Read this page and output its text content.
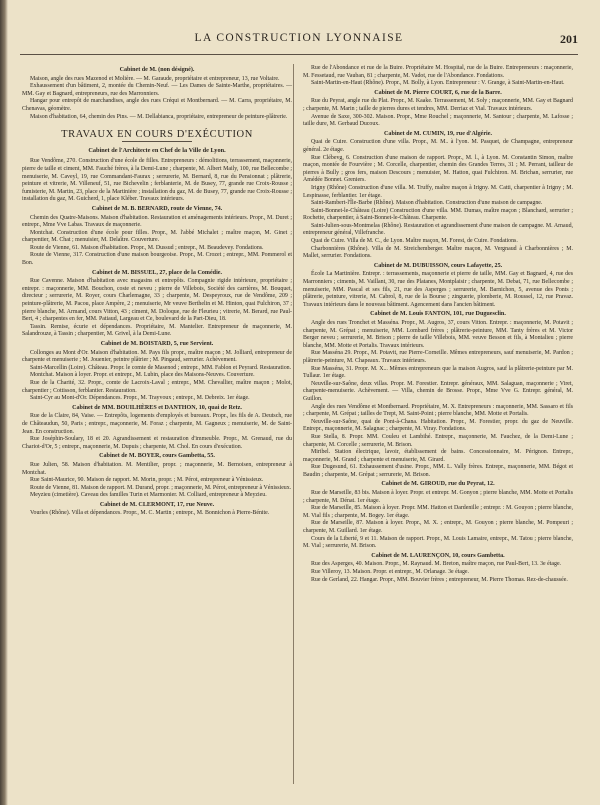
LA CONSTRUCTION LYONNAISE	201
Cabinet de M. (non désigné).

Maison, angle des rues Mazenod et Molière. — M. Garaude, propriétaire et entrepreneur, 13, rue Voltaire.

Exhaussement d'un bâtiment, 2, montée du Chemin-Neuf. — Les Dames de Sainte-Marthe, propriétaires. — MM. Gay et Bagnard, entrepreneurs, rue des Marronniers.

Hangar pour entrepôt de marchandises, angle des rues Créqui et Montbernard. — M. Carra, propriétaire, M. Chenavas, géomètre.

Maison d'habitation, 64, chemin des Pins. — M. Dellabianca, propriétaire, entrepreneur de peinture-plâtrerie.

TRAVAUX EN COURS D'EXÉCUTION
Cabinet de l'Architecte en Chef de la Ville de Lyon.

Rue Vendôme, 270. Construction d'une école de filles. Entrepreneurs : démolitions, terrassement, maçonnerie, pierre de taille et ciment, MM. Fauché frères, à la Demi-Lune ; charpente, M. Albert Maily, 100, rue Bellecombe ; menuiserie, M. Caveyl, 19, rue Commandant-Faurax ; serrurerie, M. Bernard, 8, rue du Pensionnat ; plâtrerie, peinture et vitrerie, M. Villeneuf, 51, rue Bichevelin ; ferblanterie, M. de Busey, 77, grande rue Croix-Rousse ; fumisterie, M. Martin, 23, place de la Martinière ; installation du gaz, M. de Busey, 77, grande rue Croix-Rousse ; installation du gaz, M. Guicherd, 1, place Kléber. Travaux intérieurs.

Cabinet de M. B. BERNARD, route de Vienne, 74.

Chemin des Quatre-Maisons. Maison d'habitation. Restauration et aménagements intérieurs. Propr., M. Duret ; entrepr., Mme Vve Labas. Travaux de maçonnerie.

Montchat. Construction d'une école pour filles. Propr., M. l'abbé Michalet ; maître maçon, M. Ginet ; charpentier, M. Chat ; menuisier, M. Delaître. Couverture.

Route de Vienne, 61. Maison d'habitation. Propr., M. Dussud ; entrepr., M. Beaudevey. Fondations.

Route de Vienne, 317. Construction d'une maison bourgeoise. Propr., M. Crozet ; entrepr., MM. Pommerol et Bon.

Cabinet de M. BISSUEL, 27, place de la Comédie.

Rue Cavenne. Maison d'habitation avec magasins et entrepôts. Compagnie rigide intérieure, propriétaire ; entrepr. : maçonnerie, MM. Bouchon, coste et neveu ; pierre de Villebois, Société des carrières, M. Bouquet, directeur ; serrurerie, M. Royer, cours Charlemagne, 33 ; charpente, M. Despeyroux, rue de Vendôme, 209 ; peinture-plâtrerie, M. Pacou, place Ampère, 2 ; menuiserie, Mr veuve Berthelin et M. Hinton, quai Fulchiron, 37 ; pierre blanche, M. Armand, cours Vitton, 43 ; ciment, M. Doloque, rue de Fleurieu ; vitrerie, M. Berard, rue Paul-Bert, 4 ; charpentes en fer, MM. Patiaud, Largeau et Ce, boulevard de la Part-Dieu, 18.

Tassin. Remise, écurie et dépendances. Propriétaire, M. Mantelier. Entrepreneur de maçonnerie, M. Salandrouze, à Tassin ; charpentier, M. Grivel, à la Demi-Lune.

Cabinet de M. BOISTARD, 5, rue Servient.

Collonges au Mont d'Or. Maison d'habitation. M. Pays fils propr., maître maçon ; M. Jolliard, entrepreneur de charpente et menuiserie ; M. Jouenier, peintre plâtrier ; M. Pingaud, serrurier. Achèvement.

Saint-Marcellin (Loire). Château. Propr. le comte de Masenod ; entrepr., MM. Fablon et Peyrard. Restauration.

Montchat. Maison à loyer. Propr. et entrepr., M. Lubin, place des Maisons-Neuves. Couverture.

Rue de la Charité, 32. Propr., comte de Lacroix-Laval ; entrepr., MM. Chevallier, maître maçon ; Molot, charpentier ; Cottisson, ferblantier. Restauration.

Saint-Cyr au Mont-d'Or. Dépendances. Propr., M. Trayvoux ; entrepr., M. Debreix. 1er étage.

Cabinet de MM. BOUILHÈRES et DANTHON, 10, quai de Retz.

Rue de la Claire, 84, Vaise. — Entrepôts, logements d'employés et bureaux. Propr., les fils de A. Deutsch, rue de Châteaudun, 50, Paris ; entrepr., maçonnerie, M. Foraz ; charpente, M. Gagneux ; menuiserie, M. de Saint-Jean. En construction.

Rue Joséphin-Soulary, 18 et 20. Agrandissement et restauration d'immeuble. Propr., M. Grenaud, rue du Chariot-d'Or, 5 ; entrepr., maçonnerie, M. Dupuis ; charpente, M. Chol. En cours d'exécution.

Cabinet de M. BOYER, cours Gambetta, 55.

Rue Julien, 58. Maison d'habitation. M. Mentilier, propr. ; maçonnerie, M. Bernoisen, entrepreneur à Montchat.

Rue Saint-Maurice, 90. Maison de rapport. M. Morin, propr. ; M. Pérot, entrepreneur à Vénissieux.

Route de Vienne, 81. Maison de rapport. M. Durand, propr. ; maçonnerie, M. Pérot, entrepreneur à Vénissieux.

Meyzieu (cimetière). Caveau des familles Turin et Marmonier. M. Colliard, entrepreneur à Meyzieu.

Cabinet de M. CLERMONT, 17, rue Neuve.

Vourles (Rhône). Villa et dépendances. Propr., M. C. Martin ; entrepr., M. Bonnichon à Pierre-Bénite.

Rue de l'Abondance et rue de la Buire. Propriétaire M. Hospital, rue de la Buire. Entrepreneurs : maçonnerie, M. Fessetaud, rue Vauban, 81 ; charpente, M. Vadot, rue de l'Abondance. Fondations.

Saint-Martin-en-Haut (Rhône). Propr., M. Bolly, à Lyon. Entrepreneur : V. Grange, à Saint-Martin-en-Haut.

Cabinet de M. Pierre COURT, 6, rue de la Barre.

Rue du Peyrat, angle rue du Plat. Propr., M. Kaake. Terrassement, M. Soly ; maçonnerie, MM. Gay et Bagnard ; charpente, M. Marin ; taille de pierres dures et tendres, MM. Derriaz et Vial. Travaux intérieurs.

Avenue de Saxe, 300-302. Maison. Propr., Mme Rouchel ; maçonnerie, M. Santour ; charpente, M. Lafosse ; taille dure, M. Gerbaud Ducoux.

Cabinet de M. CUMIN, 19, rue d'Algérie.

Quai de Cuire. Construction d'une villa. Propr., M. M.. à l'yon. M. Pasquet, de Champagne, entrepreneur général. 2e étage.

Rue Clébevg, 6. Construction d'une maison de rapport. Propr., M. l., à Lyon. M. Constantin Simon, maître maçon, montée de Fourvière ; M. Corcelle, charpentier, chemin des Grandes Terres, 31 ; M. Perrant, tailleur de pierres à Bully ; gros fers, maison Descours ; menuisier, M. Hatton, quai Fulchiron. M. Brichan, serrurier, rue Amédée Bonnet. Greniers.

Irigny (Rhône) Construction d'une villa. M. Truffy, maître maçon à Irigny. M. Catti, charpentier à Irigny ; M. Lespinasse, ferblantier. 1er étage.

Saint-Rambert-l'Île-Barbe (Rhône). Maison d'habitation. Construction d'une maison de campagne.

Saint-Bonnet-le-Château (Loire) Construction d'une villa. MM. Dumas, maître maçon ; Blanchard, serrurier ; Rochette, charpentier, à Saint-Bonnet-le-Château. Charpente.

Saint-Julien-sous-Montmelas (Rhône). Restauration et agrandissement d'une maison de campagne. M. Arnaud, entrepreneur général, Villefranche.

Quai de Cuire. Villa de M. C., de Lyon. Maître maçon, M. Forest, de Cuire. Fondations.

Charbonnières (Rhône). Villa de M. Streichemberger. Maître maçon, M. Vergnaud à Charbonnières ; M. Mallet, serrurier. Fondations.

Cabinet de M. DUBUISSON, cours Lafayette, 25.

École La Martinière. Entrepr. : terrassements, maçonnerie et pierre de taille, MM. Gay et Bagnard, 4, rue des Marronniers ; ciments, M. Vaillant, 30, rue des Platanes, Montplaisir ; charpente, M. Debat, 71, rue Bellecombe ; menuiserie, MM. Pascal et ses fils, 21, rue des Asperges ; serrurerie, M. Barnichon, 5, avenue des Ponts ; plâtrerie, peinture, vitrerie, M. Cabrol, 8, rue de la Bourse ; zinguerie, plomberie, M. Roussel, 12, rue Pravaz. Travaux intérieurs dans le nouveau bâtiment. Agencement dans l'ancien bâtiment.

Cabinet de M. Louis FANTON, 101, rue Duguesclin.

Angle des rues Tronchet et Masséna. Propr., M. Augros, 37, cours Vitton. Entrepr. : maçonnerie, M. Potavit ; charpente, M. Grépat ; menuiserie, MM. Lombard frères ; plâtrerie-peinture, MM. Tanty frères et M. Victor Berger neveu ; serrurerie, M. Brison ; pierre de taille Villebois, MM. veuve Besson et fils, à Montalieu ; pierre blanche, MM. Motte et Portalis. Travaux intérieurs.

Rue Masséna 29. Propr., M. Potavit, rue Pierre-Corneille. Mêmes entrepreneurs, sauf menuiserie, M. Pardon ; plâtrerie-peinture, M. Chapeaux. Travaux intérieurs.

Rue Masséna, 31. Propr. M. X... Mêmes entrepreneurs que la maison Augros, sauf la plâtrerie-peinture par M. Tullaur. 1er étage.

Neuville-sur-Saône, deux villas. Propr. M. Forestier. Entrepr. généraux, MM. Salaguan, maçonnerie ; Viret, charpente-menuiserie. Achèvement. — Villa, chemin de Brosse. Propr., Mme Vve G. Entrepr. général, M. Guillon.

Angle des rues Vendôme et Montbernard. Propriétaire, M. X. Entrepreneurs : maçonnerie, MM. Sassaro et fils ; charpente, M. Grépat ; tailles de Trept, M. Saint-Point ; pierre blanche, MM. Motte et Portalis.

Neuville-sur-Saône, quai de Pont-à-Chana. Habitation. Propr., M. Forestier, propr. du gaz de Neuville. Entrepr., maçonnerie, M. Salagnac ; charpente, M. Viray. Fondations.

Rue Stella, 8. Propr. MM. Couleu et Lambihé. Entrepr., maçonnerie, M. Fauchez, de la Demi-Lune ; charpente, M. Corcelle ; serrurerie, M. Brison.

Miribel. Station électrique, lavoir, établissement de bains. Concessionnaire, M. Pérignon. Entrepr., maçonnerie, M. Grand ; charpente et menuiserie, M. Girard.

Rue Dugesund, 61. Exhaussement d'usine. Propr., MM. L. Vally frères. Entrepr., maçonnerie, MM. Bégot et Baudin ; charpente, M. Grépat ; serrurerie, M. Brison.

Cabinet de M. GIROUD, rue du Peyrat, 12.

Rue de Marseille, 83 bis. Maison à loyer. Propr. et entrepr. M. Gonyon ; pierre blanche, MM. Motte et Portalis ; charpente, M. Dénat. 1er étage.

Rue de Marseille, 85. Maison à loyer. Propr. MM. Hatton et Dardenille ; entrepr. : M. Gouyon ; pierre blanche, M. Vial fils ; charpente, M. Bogey. 1er étage.

Rue de Marseille, 87. Maison à loyer. Propr., M. X. ; entrepr., M. Gouyon ; pierre blanche, M. Pompeuri ; charpente, M. Guillard. 1er étage.

Cours de la Liberté, 9 et 11. Maison de rapport. Propr., M. Louis Lamaire, entrepr., M. Tatou ; pierre blanche, M. Vial ; serrurerie, M. Brison.

Cabinet de M. LAURENÇON, 10, cours Gambetta.

Rue des Asperges, 40. Maison. Propr., M. Raynaud. M. Breton, maître maçon, rue Paul-Bert, 13. 3e étage.

Rue Villeroy, 13. Maison. Propr. et entrepr., M. Orlanage. 3e étage.

Rue de Gerland, 22. Hangar. Propr., MM. Bouvier frères ; entrepreneur, M. Pierre Thomas. Rez-de-chaussée.
